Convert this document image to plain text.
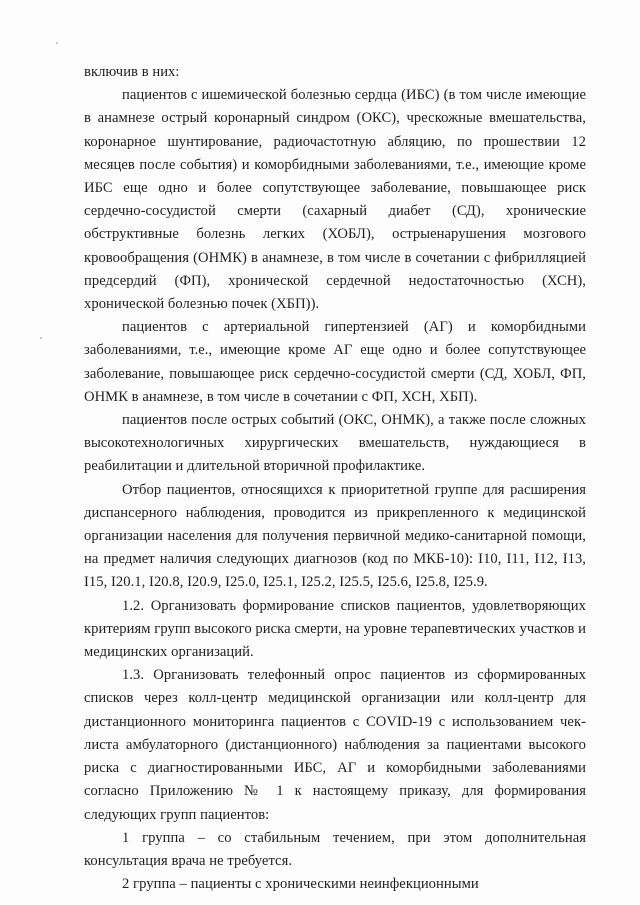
включив в них:

пациентов с ишемической болезнью сердца (ИБС) (в том числе имеющие в анамнезе острый коронарный синдром (ОКС), чрескожные вмешательства, коронарное шунтирование, радиочастотную абляцию, по прошествии 12 месяцев после события) и коморбидными заболеваниями, т.е., имеющие кроме ИБС еще одно и более сопутствующее заболевание, повышающее риск сердечно-сосудистой смерти (сахарный диабет (СД), хронические обструктивные болезнь легких (ХОБЛ), острыенарушения мозгового кровообращения (ОНМК) в анамнезе, в том числе в сочетании с фибрилляцией предсердий (ФП), хронической сердечной недостаточностью (ХСН), хронической болезнью почек (ХБП)).

пациентов с артериальной гипертензией (АГ) и коморбидными заболеваниями, т.е., имеющие кроме АГ еще одно и более сопутствующее заболевание, повышающее риск сердечно-сосудистой смерти (СД, ХОБЛ, ФП, ОНМК в анамнезе, в том числе в сочетании с ФП, ХСН, ХБП).

пациентов после острых событий (ОКС, ОНМК), а также после сложных высокотехнологичных хирургических вмешательств, нуждающиеся в реабилитации и длительной вторичной профилактике.

Отбор пациентов, относящихся к приоритетной группе для расширения диспансерного наблюдения, проводится из прикрепленного к медицинской организации населения для получения первичной медико-санитарной помощи, на предмет наличия следующих диагнозов (код по МКБ-10): I10, I11, I12, I13, I15, I20.1, I20.8, I20.9, I25.0, I25.1, I25.2, I25.5, I25.6, I25.8, I25.9.

1.2. Организовать формирование списков пациентов, удовлетворяющих критериям групп высокого риска смерти, на уровне терапевтических участков и медицинских организаций.

1.3. Организовать телефонный опрос пациентов из сформированных списков через колл-центр медицинской организации или колл-центр для дистанционного мониторинга пациентов с COVID-19 с использованием чек-листа амбулаторного (дистанционного) наблюдения за пациентами высокого риска с диагностированными ИБС, АГ и коморбидными заболеваниями согласно Приложению № 1 к настоящему приказу, для формирования следующих групп пациентов:

1 группа – со стабильным течением, при этом дополнительная консультация врача не требуется.

2 группа – пациенты с хроническими неинфекционными
